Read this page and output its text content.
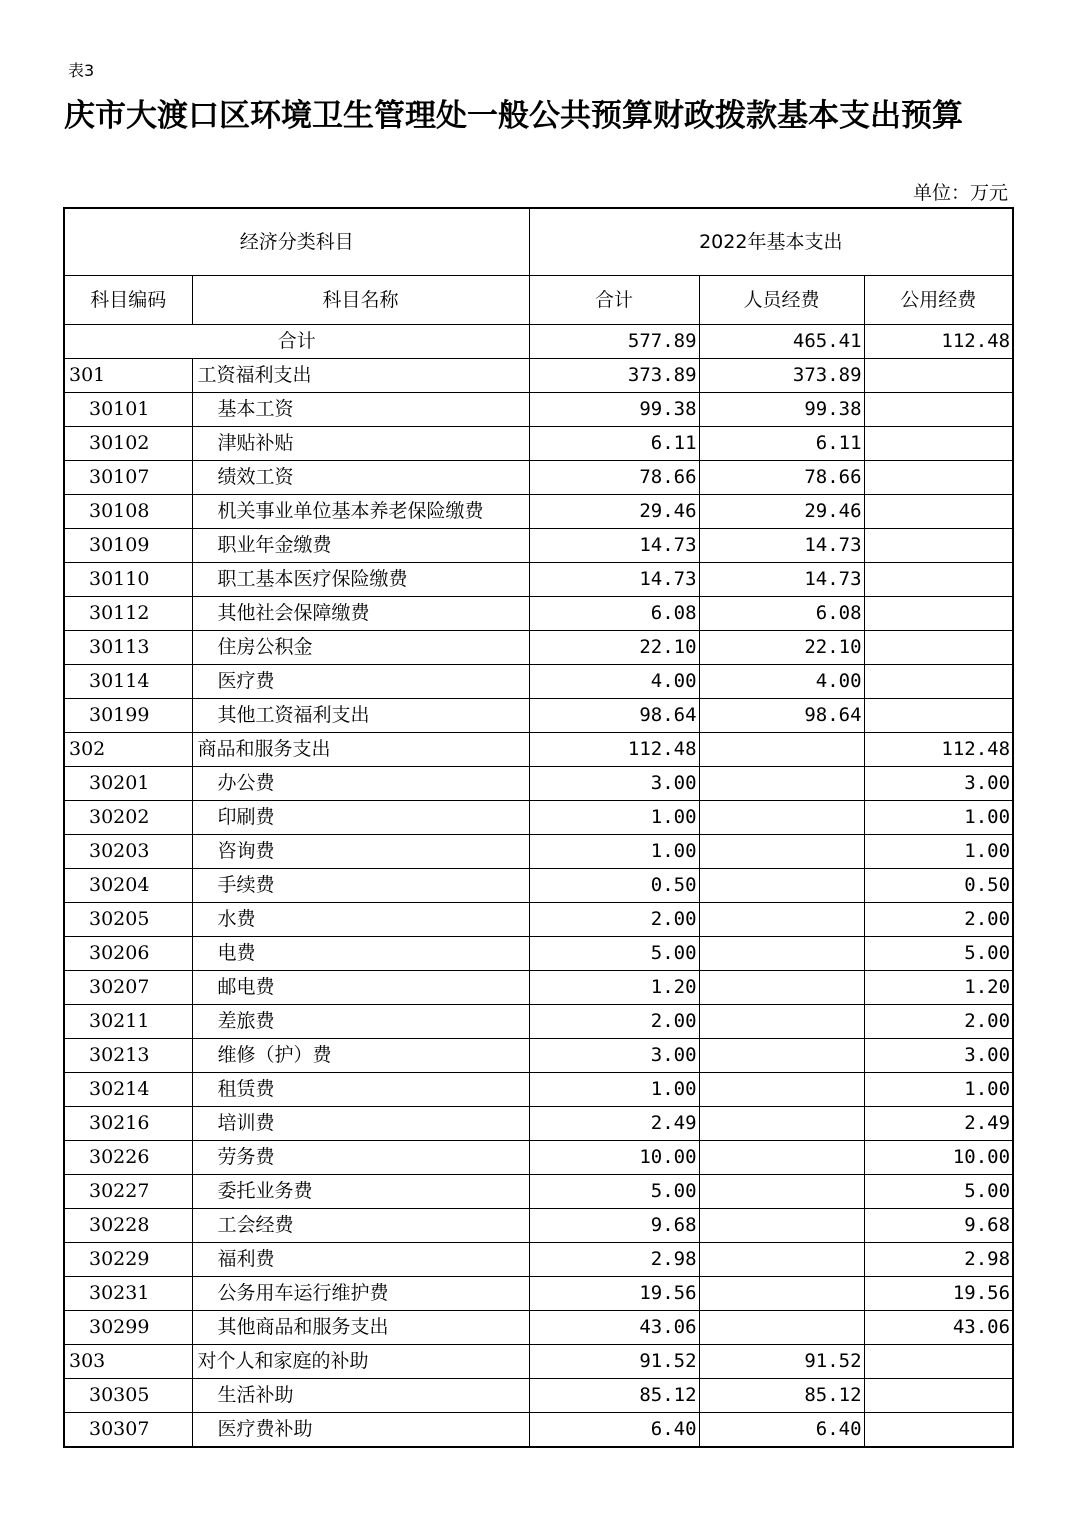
表3
庆市大渡口区环境卫生管理处一般公共预算财政拨款基本支出预算
单位：万元
经济分类科目		2022年基本支出		
科目编码	科目名称	合计	人员经费	公用经费
合计		577.89	465.41	112.48
301	工资福利支出	373.89	373.89	
30101	基本工资	99.38	99.38	
30102	津贴补贴	6.11	6.11	
30107	绩效工资	78.66	78.66	
30108	机关事业单位基本养老保险缴费	29.46	29.46	
30109	职业年金缴费	14.73	14.73	
30110	职工基本医疗保险缴费	14.73	14.73	
30112	其他社会保障缴费	6.08	6.08	
30113	住房公积金	22.10	22.10	
30114	医疗费	4.00	4.00	
30199	其他工资福利支出	98.64	98.64	
302	商品和服务支出	112.48		112.48
30201	办公费	3.00		3.00
30202	印刷费	1.00		1.00
30203	咨询费	1.00		1.00
30204	手续费	0.50		0.50
30205	水费	2.00		2.00
30206	电费	5.00		5.00
30207	邮电费	1.20		1.20
30211	差旅费	2.00		2.00
30213	维修（护）费	3.00		3.00
30214	租赁费	1.00		1.00
30216	培训费	2.49		2.49
30226	劳务费	10.00		10.00
30227	委托业务费	5.00		5.00
30228	工会经费	9.68		9.68
30229	福利费	2.98		2.98
30231	公务用车运行维护费	19.56		19.56
30299	其他商品和服务支出	43.06		43.06
303	对个人和家庭的补助	91.52	91.52	
30305	生活补助	85.12	85.12	
30307	医疗费补助	6.40	6.40	
